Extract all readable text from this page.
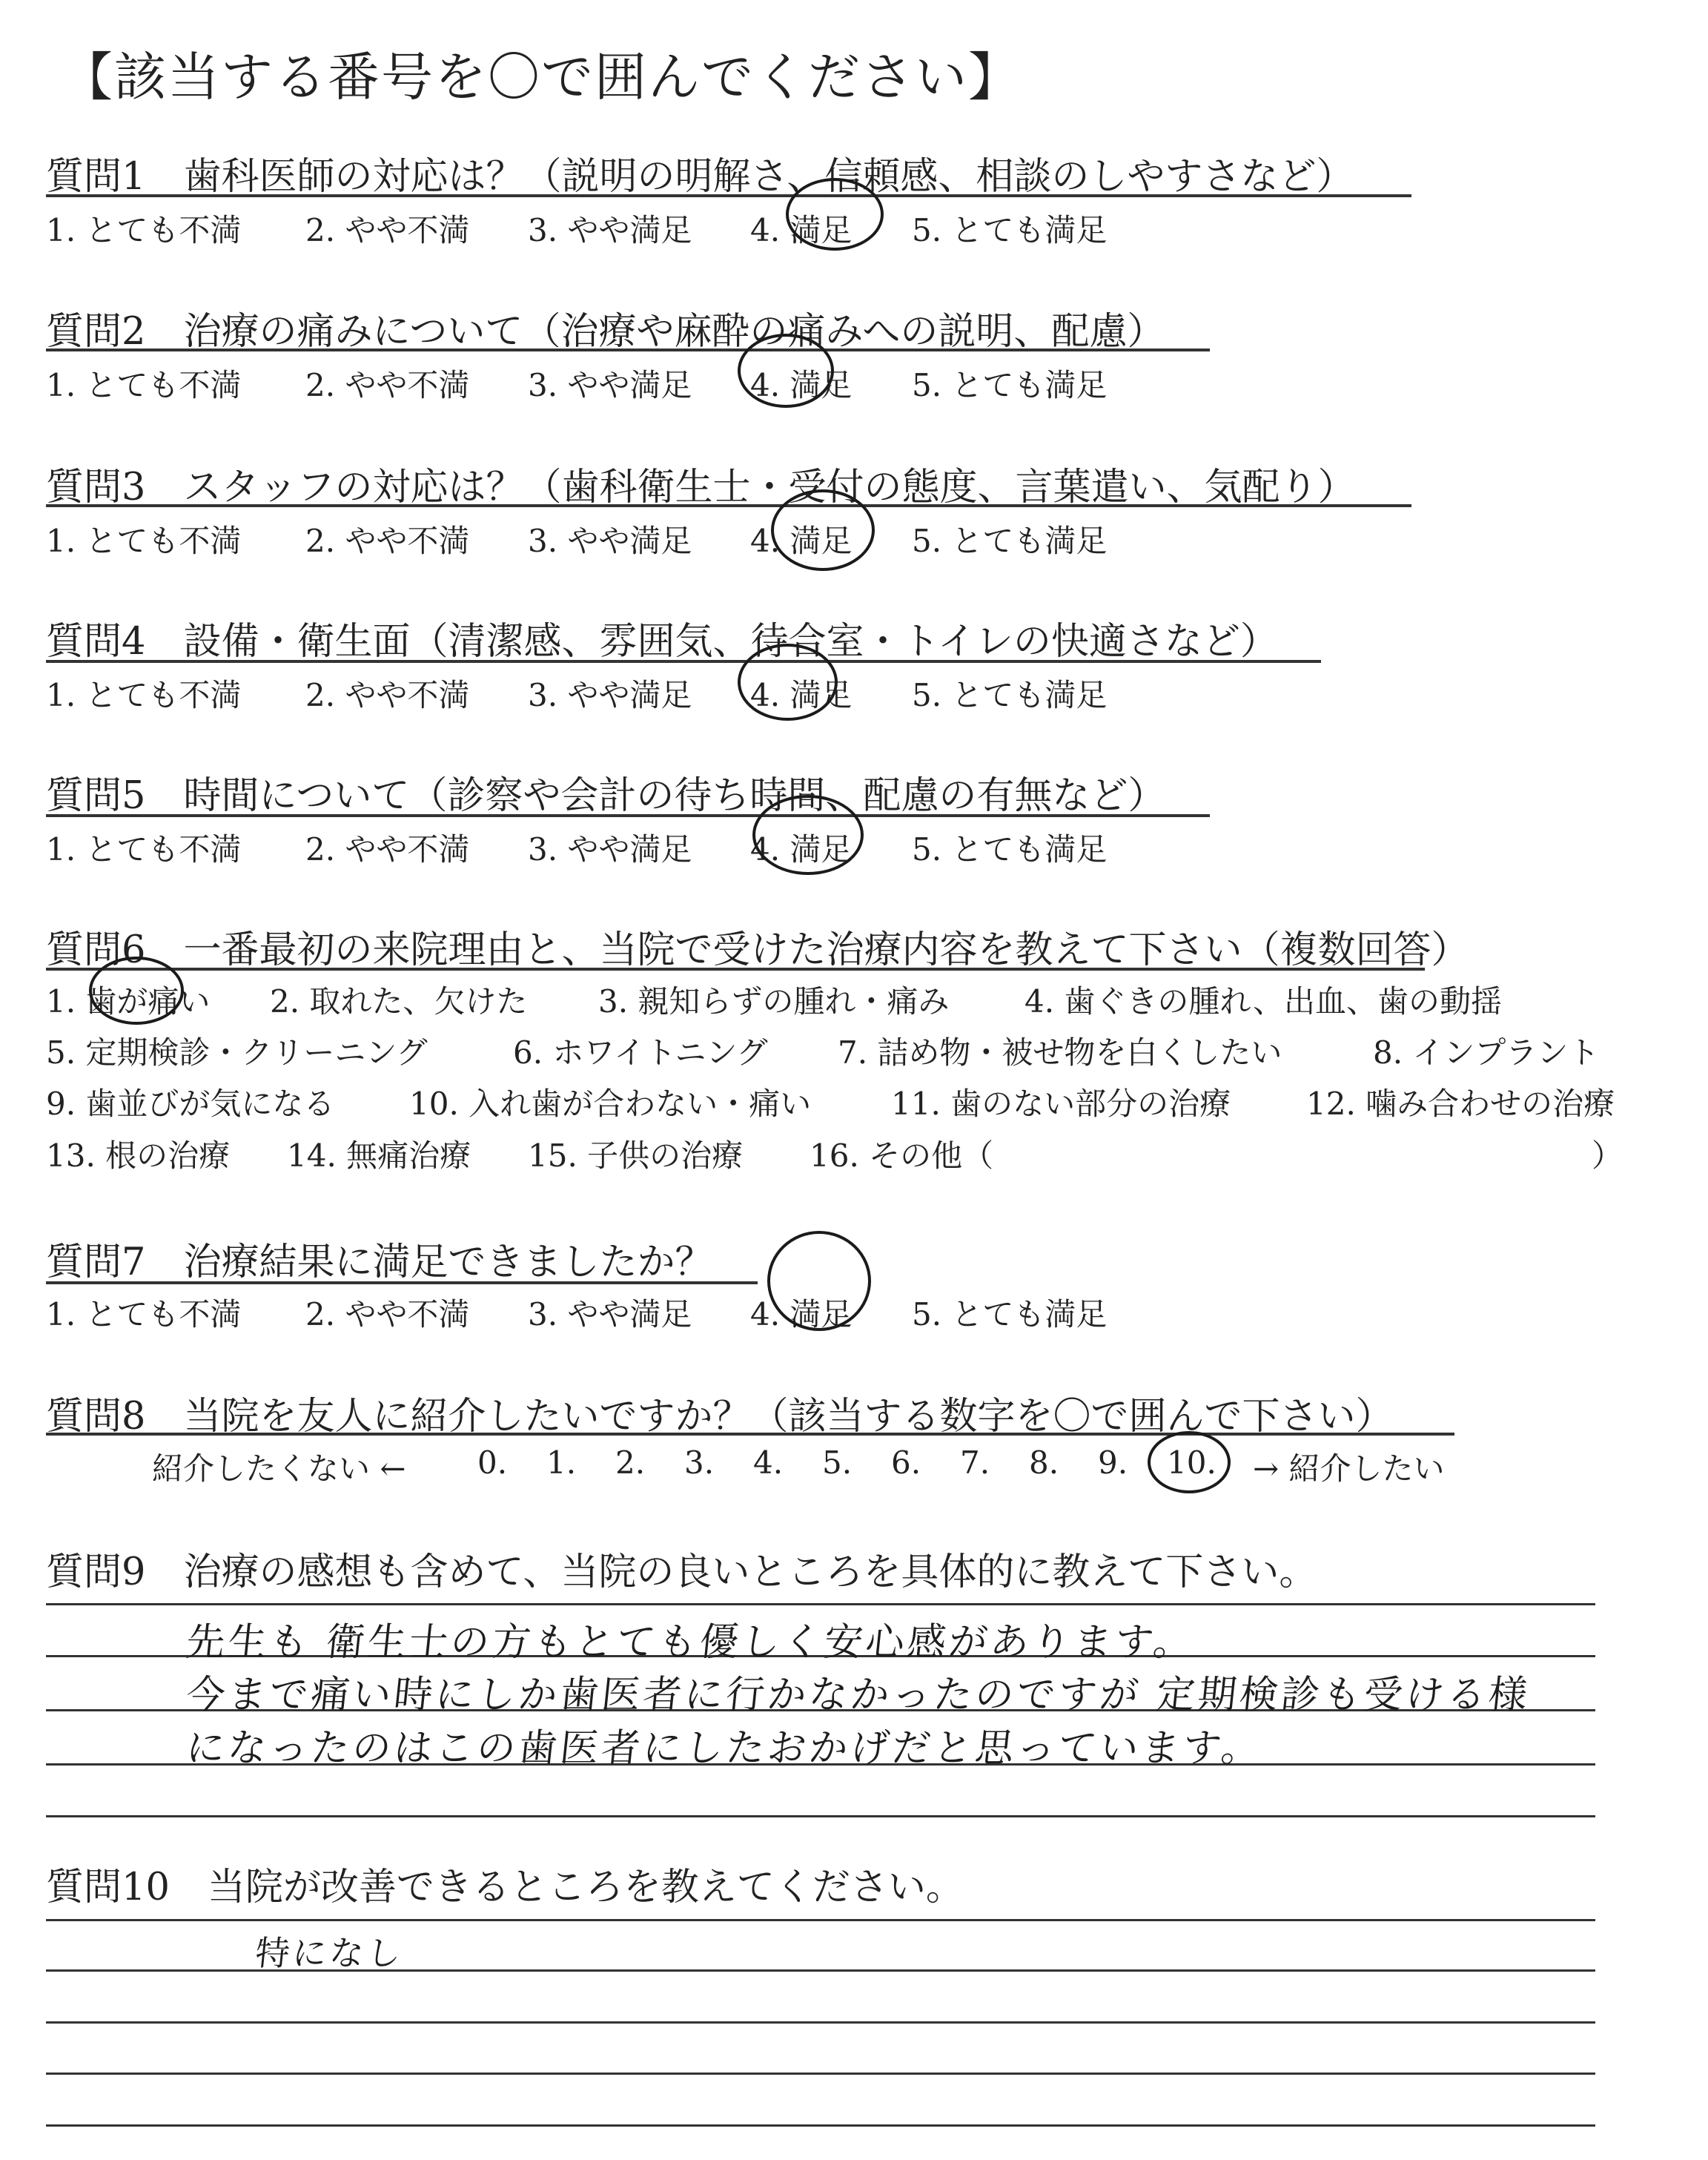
【該当する番号を〇で囲んでください】
質問1　歯科医師の対応は？（説明の明解さ、信頼感、相談のしやすさなど）
1. とても不満 2. やや不満 3. やや満足 4. 満足 5. とても満足
質問2　治療の痛みについて（治療や麻酔の痛みへの説明、配慮）
1. とても不満 2. やや不満 3. やや満足 4. 満足 5. とても満足
質問3　スタッフの対応は？（歯科衛生士・受付の態度、言葉遣い、気配り）
1. とても不満 2. やや不満 3. やや満足 4. 満足 5. とても満足
質問4　設備・衛生面（清潔感、雰囲気、待合室・トイレの快適さなど）
1. とても不満 2. やや不満 3. やや満足 4. 満足 5. とても満足
質問5　時間について（診察や会計の待ち時間、配慮の有無など）
1. とても不満 2. やや不満 3. やや満足 4. 満足 5. とても満足
質問6　一番最初の来院理由と、当院で受けた治療内容を教えて下さい（複数回答）
1. 歯が痛い 2. 取れた、欠けた 3. 親知らずの腫れ・痛み 4. 歯ぐきの腫れ、出血、歯の動揺
5. 定期検診・クリーニング	6. ホワイトニング 7. 詰め物・被せ物を白くしたい	8. インプラント
9. 歯並びが気になる 10. 入れ歯が合わない・痛い	11. 歯のない部分の治療 12. 噛み合わせの治療
13. 根の治療 14. 無痛治療 15. 子供の治療 16. その他（	）
質問7　治療結果に満足できましたか？
1. とても不満 2. やや不満 3. やや満足 4. 満足 5. とても満足
質問8　当院を友人に紹介したいですか？（該当する数字を〇で囲んで下さい）
紹介したくない ← 0. 1. 2. 3. 4. 5. 6. 7. 8. 9. 10. → 紹介したい
質問9　治療の感想も含めて、当院の良いところを具体的に教えて下さい。
先生も 衛生士の方もとても優しく安心感があります。
今まで痛い時にしか歯医者に行かなかったのですが 定期検診も受ける様
になったのはこの歯医者にしたおかげだと思っています。
質問10　当院が改善できるところを教えてください。
特になし
